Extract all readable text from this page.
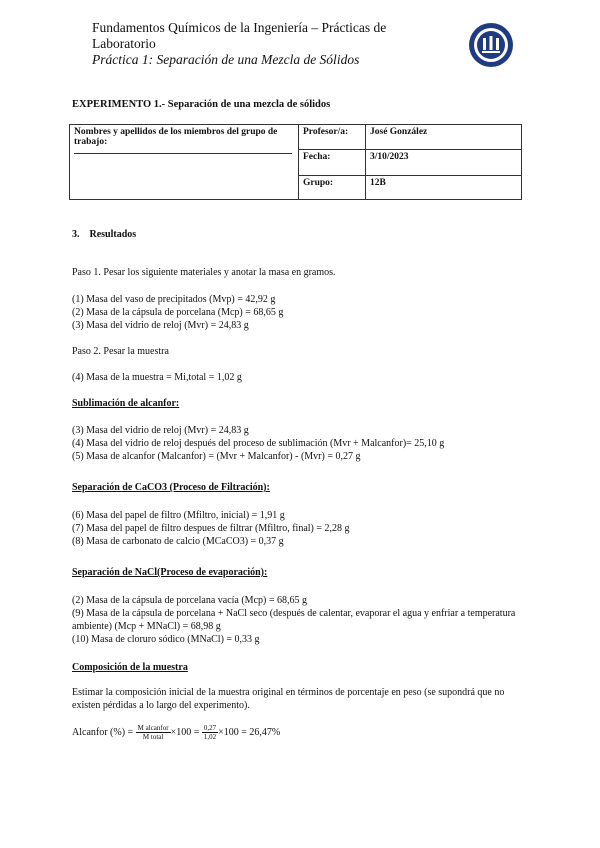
Fundamentos Químicos de la Ingeniería – Prácticas de Laboratorio
Práctica 1: Separación de una Mezcla de Sólidos
EXPERIMENTO 1.- Separación de una mezcla de sólidos
Nombres y apellidos de los miembros del grupo de trabajo:	Profesor/a:	José González
	Fecha:	3/10/2023
	Grupo:	12B
3.    Resultados
Paso 1. Pesar los siguiente materiales y anotar la masa en gramos.
(1) Masa del vaso de precipitados (Mvp) = 42,92 g
(2) Masa de la cápsula de porcelana (Mcp) = 68,65 g
(3) Masa del vidrio de reloj (Mvr) = 24,83 g
Paso 2. Pesar la muestra
(4) Masa de la muestra = Mi,total = 1,02 g
Sublimación de alcanfor:
(3) Masa del vidrio de reloj (Mvr) = 24,83 g
(4) Masa del vidrio de reloj después del proceso de sublimación (Mvr + Malcanfor)= 25,10 g
(5) Masa de alcanfor (Malcanfor) = (Mvr + Malcanfor) - (Mvr) = 0,27 g
Separación de CaCO3 (Proceso de Filtración):
(6) Masa del papel de filtro (Mfiltro, inicial) = 1,91 g
(7) Masa del papel de filtro despues de filtrar (Mfiltro, final) = 2,28 g
(8) Masa de carbonato de calcio (MCaCO3) = 0,37 g
Separación de NaCl(Proceso de evaporación):
(2) Masa de la cápsula de porcelana vacía (Mcp) = 68,65 g
(9) Masa de la cápsula de porcelana + NaCl seco (después de calentar, evaporar el agua y enfriar a temperatura ambiente) (Mcp + MNaCl) = 68,98 g
(10) Masa de cloruro sódico (MNaCl) = 0,33 g
Composición de la muestra
Estimar la composición inicial de la muestra original en términos de porcentaje en peso (se supondrá que no existen pérdidas a lo largo del experimento).
Alcanfor (%) = $\frac{\text{M alcanfor}}{\text{M total}} \times 100 = \frac{0,27}{1,02} \times 100 = 26,47\%$
